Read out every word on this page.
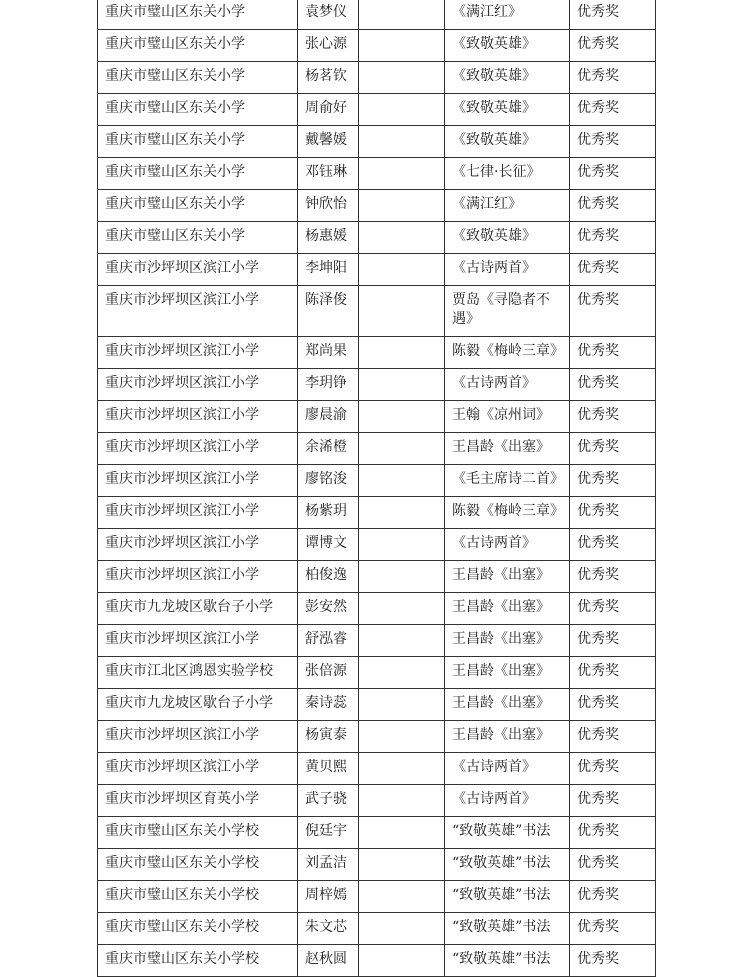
重庆市璧山区东关小学	袁梦仪		《满江红》	优秀奖
重庆市璧山区东关小学	张心源		《致敬英雄》	优秀奖
重庆市璧山区东关小学	杨茗钦		《致敬英雄》	优秀奖
重庆市璧山区东关小学	周俞好		《致敬英雄》	优秀奖
重庆市璧山区东关小学	戴馨媛		《致敬英雄》	优秀奖
重庆市璧山区东关小学	邓钰琳		《七律·长征》	优秀奖
重庆市璧山区东关小学	钟欣怡		《满江红》	优秀奖
重庆市璧山区东关小学	杨惠媛		《致敬英雄》	优秀奖
重庆市沙坪坝区滨江小学	李坤阳		《古诗两首》	优秀奖
重庆市沙坪坝区滨江小学	陈泽俊		贾岛《寻隐者不遇》	优秀奖
重庆市沙坪坝区滨江小学	郑尚果		陈毅《梅岭三章》	优秀奖
重庆市沙坪坝区滨江小学	李玥铮		《古诗两首》	优秀奖
重庆市沙坪坝区滨江小学	廖晨渝		王翰《凉州词》	优秀奖
重庆市沙坪坝区滨江小学	余浠橙		王昌龄《出塞》	优秀奖
重庆市沙坪坝区滨江小学	廖铭浚		《毛主席诗二首》	优秀奖
重庆市沙坪坝区滨江小学	杨紫玥		陈毅《梅岭三章》	优秀奖
重庆市沙坪坝区滨江小学	谭博文		《古诗两首》	优秀奖
重庆市沙坪坝区滨江小学	柏俊逸		王昌龄《出塞》	优秀奖
重庆市九龙坡区歇台子小学	彭安然		王昌龄《出塞》	优秀奖
重庆市沙坪坝区滨江小学	舒泓睿		王昌龄《出塞》	优秀奖
重庆市江北区鸿恩实验学校	张倍源		王昌龄《出塞》	优秀奖
重庆市九龙坡区歇台子小学	秦诗蕊		王昌龄《出塞》	优秀奖
重庆市沙坪坝区滨江小学	杨寅泰		王昌龄《出塞》	优秀奖
重庆市沙坪坝区滨江小学	黄贝熙		《古诗两首》	优秀奖
重庆市沙坪坝区育英小学	武子骁		《古诗两首》	优秀奖
重庆市璧山区东关小学校	倪廷宇		“致敬英雄”书法	优秀奖
重庆市璧山区东关小学校	刘孟洁		“致敬英雄”书法	优秀奖
重庆市璧山区东关小学校	周梓嫣		“致敬英雄”书法	优秀奖
重庆市璧山区东关小学校	朱文芯		“致敬英雄”书法	优秀奖
重庆市璧山区东关小学校	赵秋圆		“致敬英雄”书法	优秀奖
